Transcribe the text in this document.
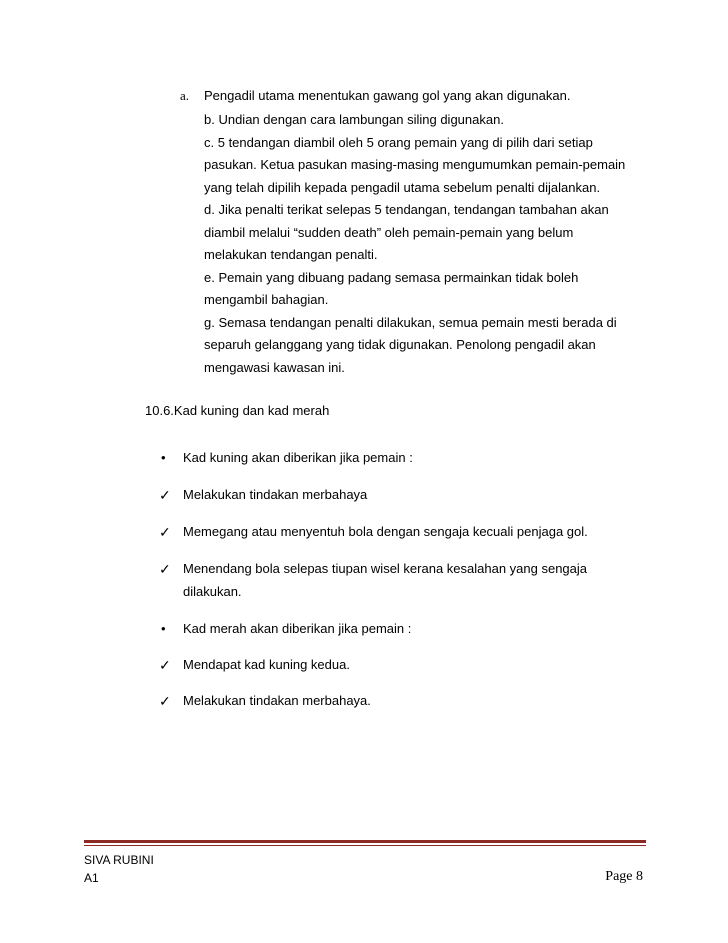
a. Pengadil utama menentukan gawang gol yang akan digunakan.
b. Undian dengan cara lambungan siling digunakan.
c. 5 tendangan diambil oleh 5 orang pemain yang di pilih dari setiap
pasukan. Ketua pasukan masing-masing mengumumkan pemain-pemain
yang telah dipilih kepada pengadil utama sebelum penalti dijalankan.
d. Jika penalti terikat selepas 5 tendangan, tendangan tambahan akan
diambil melalui “sudden death” oleh pemain-pemain yang belum
melakukan tendangan penalti.
e. Pemain yang dibuang padang semasa permainkan tidak boleh
mengambil bahagian.
g. Semasa tendangan penalti dilakukan, semua pemain mesti berada di
separuh gelanggang yang tidak digunakan. Penolong pengadil akan
mengawasi kawasan ini.
10.6.Kad kuning dan kad merah
• Kad kuning akan diberikan jika pemain :
✓ Melakukan tindakan merbahaya
✓ Memegang atau menyentuh bola dengan sengaja kecuali penjaga gol.
✓ Menendang bola selepas tiupan wisel kerana kesalahan yang sengaja
dilakukan.
• Kad merah akan diberikan jika pemain :
✓ Mendapat kad kuning kedua.
✓ Melakukan tindakan merbahaya.
SIVA RUBINI
A1	Page 8
